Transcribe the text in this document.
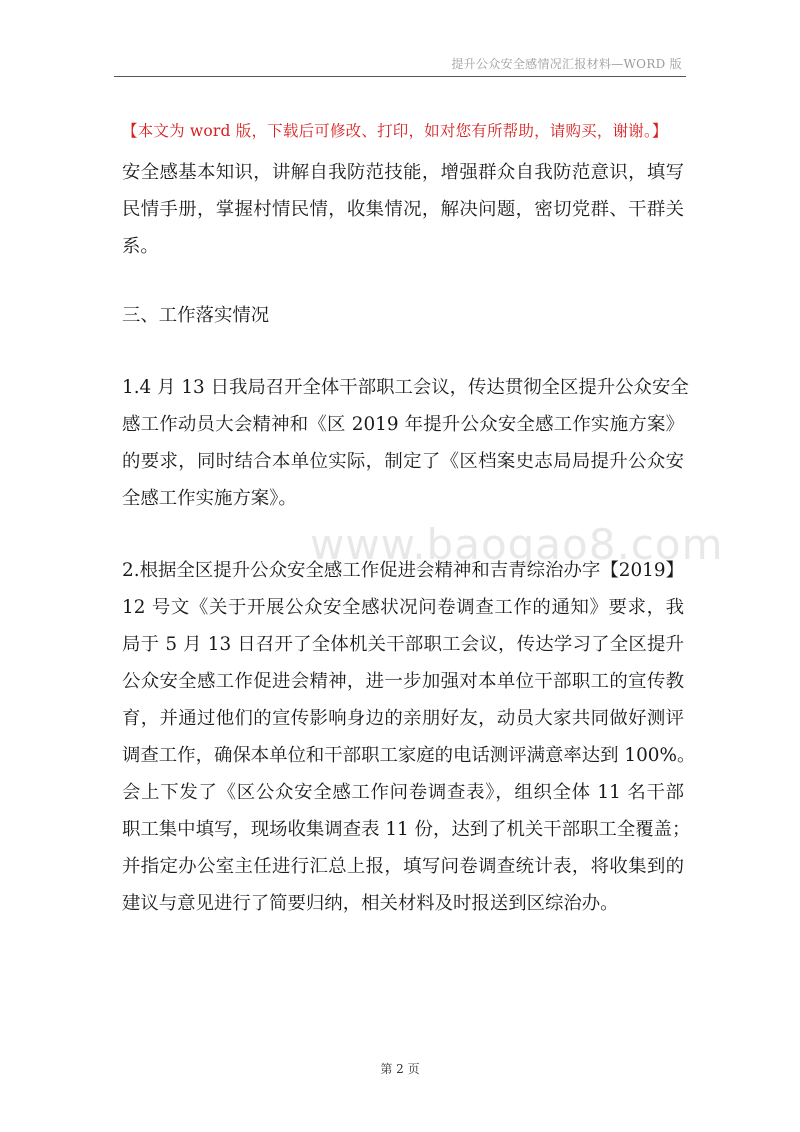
提升公众安全感情况汇报材料—WORD 版
【本文为 word 版，下载后可修改、打印，如对您有所帮助，请购买，谢谢。】
www.baogao8.com
安全感基本知识，讲解自我防范技能，增强群众自我防范意识，填写
民情手册，掌握村情民情，收集情况，解决问题，密切党群、干群关
系。
三、工作落实情况
1.4 月 13 日我局召开全体干部职工会议，传达贯彻全区提升公众安全
感工作动员大会精神和《区 2019 年提升公众安全感工作实施方案》
的要求，同时结合本单位实际，制定了《区档案史志局局提升公众安
全感工作实施方案》。
2.根据全区提升公众安全感工作促进会精神和吉青综治办字【2019】
12 号文《关于开展公众安全感状况问卷调查工作的通知》要求，我
局于 5 月 13 日召开了全体机关干部职工会议，传达学习了全区提升
公众安全感工作促进会精神，进一步加强对本单位干部职工的宣传教
育，并通过他们的宣传影响身边的亲朋好友，动员大家共同做好测评
调查工作，确保本单位和干部职工家庭的电话测评满意率达到 100%。
会上下发了《区公众安全感工作问卷调查表》，组织全体 11 名干部
职工集中填写，现场收集调查表 11 份，达到了机关干部职工全覆盖；
并指定办公室主任进行汇总上报，填写问卷调查统计表，将收集到的
建议与意见进行了简要归纳，相关材料及时报送到区综治办。
第 2 页
